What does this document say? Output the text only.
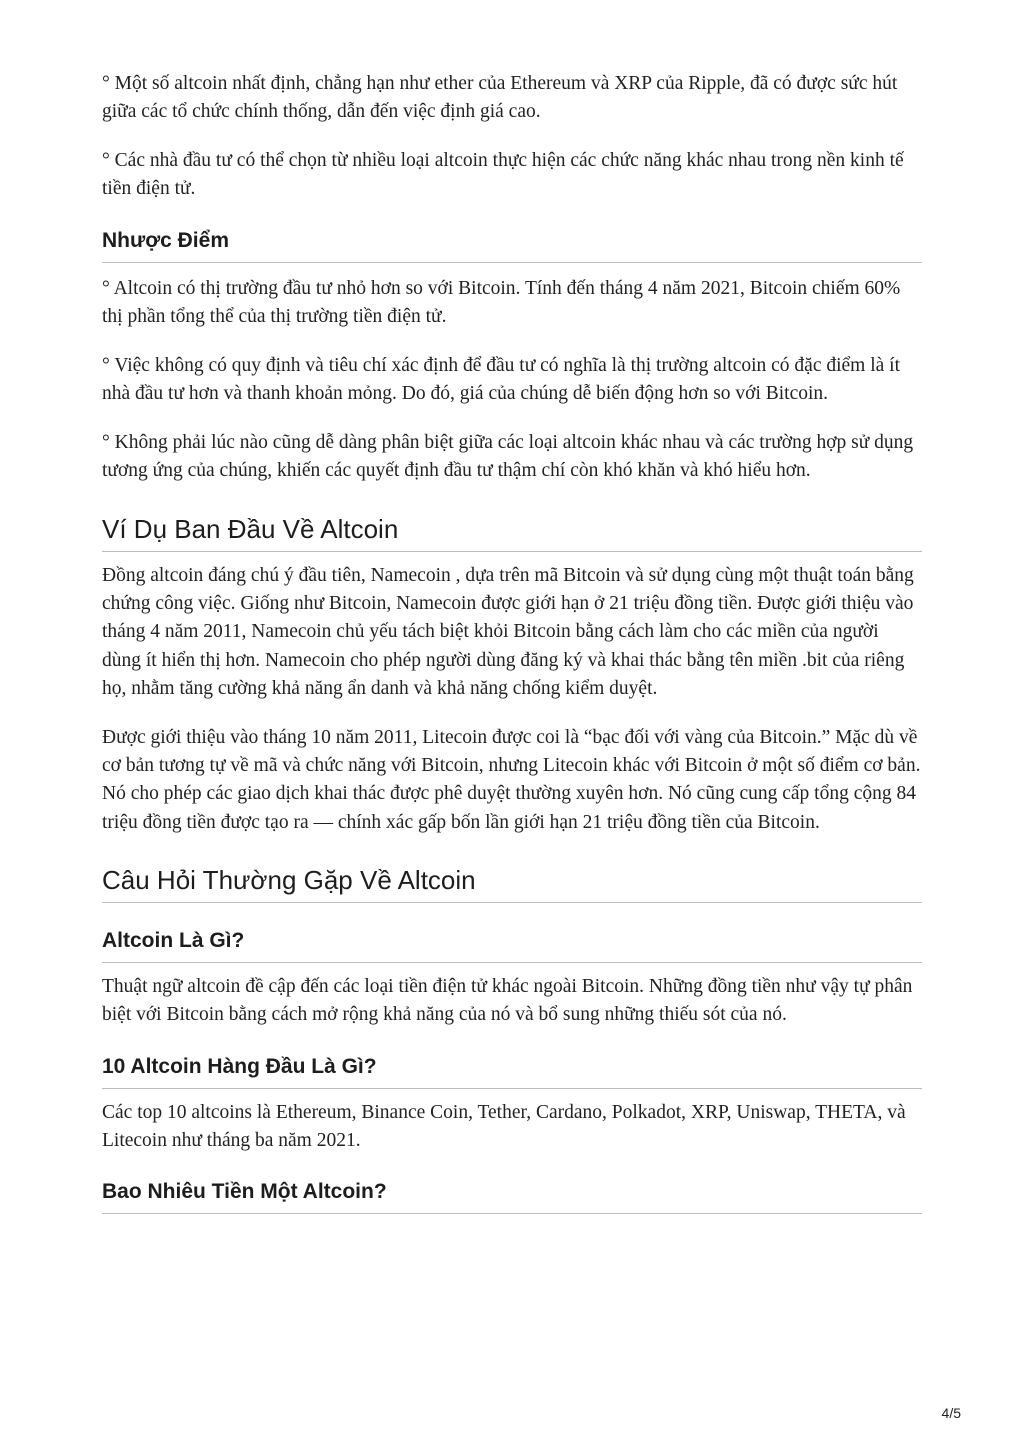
° Một số altcoin nhất định, chẳng hạn như ether của Ethereum và XRP của Ripple, đã có được sức hút giữa các tổ chức chính thống, dẫn đến việc định giá cao.

° Các nhà đầu tư có thể chọn từ nhiều loại altcoin thực hiện các chức năng khác nhau trong nền kinh tế tiền điện tử.

Nhược Điểm

° Altcoin có thị trường đầu tư nhỏ hơn so với Bitcoin. Tính đến tháng 4 năm 2021, Bitcoin chiếm 60% thị phần tổng thể của thị trường tiền điện tử.

° Việc không có quy định và tiêu chí xác định để đầu tư có nghĩa là thị trường altcoin có đặc điểm là ít nhà đầu tư hơn và thanh khoản mỏng. Do đó, giá của chúng dễ biến động hơn so với Bitcoin.

° Không phải lúc nào cũng dễ dàng phân biệt giữa các loại altcoin khác nhau và các trường hợp sử dụng tương ứng của chúng, khiến các quyết định đầu tư thậm chí còn khó khăn và khó hiểu hơn.

Ví Dụ Ban Đầu Về Altcoin

Đồng altcoin đáng chú ý đầu tiên, Namecoin , dựa trên mã Bitcoin và sử dụng cùng một thuật toán bằng chứng công việc. Giống như Bitcoin, Namecoin được giới hạn ở 21 triệu đồng tiền. Được giới thiệu vào tháng 4 năm 2011, Namecoin chủ yếu tách biệt khỏi Bitcoin bằng cách làm cho các miền của người dùng ít hiển thị hơn. Namecoin cho phép người dùng đăng ký và khai thác bằng tên miền .bit của riêng họ, nhằm tăng cường khả năng ẩn danh và khả năng chống kiểm duyệt.

Được giới thiệu vào tháng 10 năm 2011, Litecoin được coi là “bạc đối với vàng của Bitcoin.” Mặc dù về cơ bản tương tự về mã và chức năng với Bitcoin, nhưng Litecoin khác với Bitcoin ở một số điểm cơ bản. Nó cho phép các giao dịch khai thác được phê duyệt thường xuyên hơn. Nó cũng cung cấp tổng cộng 84 triệu đồng tiền được tạo ra — chính xác gấp bốn lần giới hạn 21 triệu đồng tiền của Bitcoin.

Câu Hỏi Thường Gặp Về Altcoin
Altcoin Là Gì?

Thuật ngữ altcoin đề cập đến các loại tiền điện tử khác ngoài Bitcoin. Những đồng tiền như vậy tự phân biệt với Bitcoin bằng cách mở rộng khả năng của nó và bổ sung những thiếu sót của nó.

10 Altcoin Hàng Đầu Là Gì?

Các top 10 altcoins là Ethereum, Binance Coin, Tether, Cardano, Polkadot, XRP, Uniswap, THETA, và Litecoin như tháng ba năm 2021.

Bao Nhiêu Tiền Một Altcoin?
4/5
